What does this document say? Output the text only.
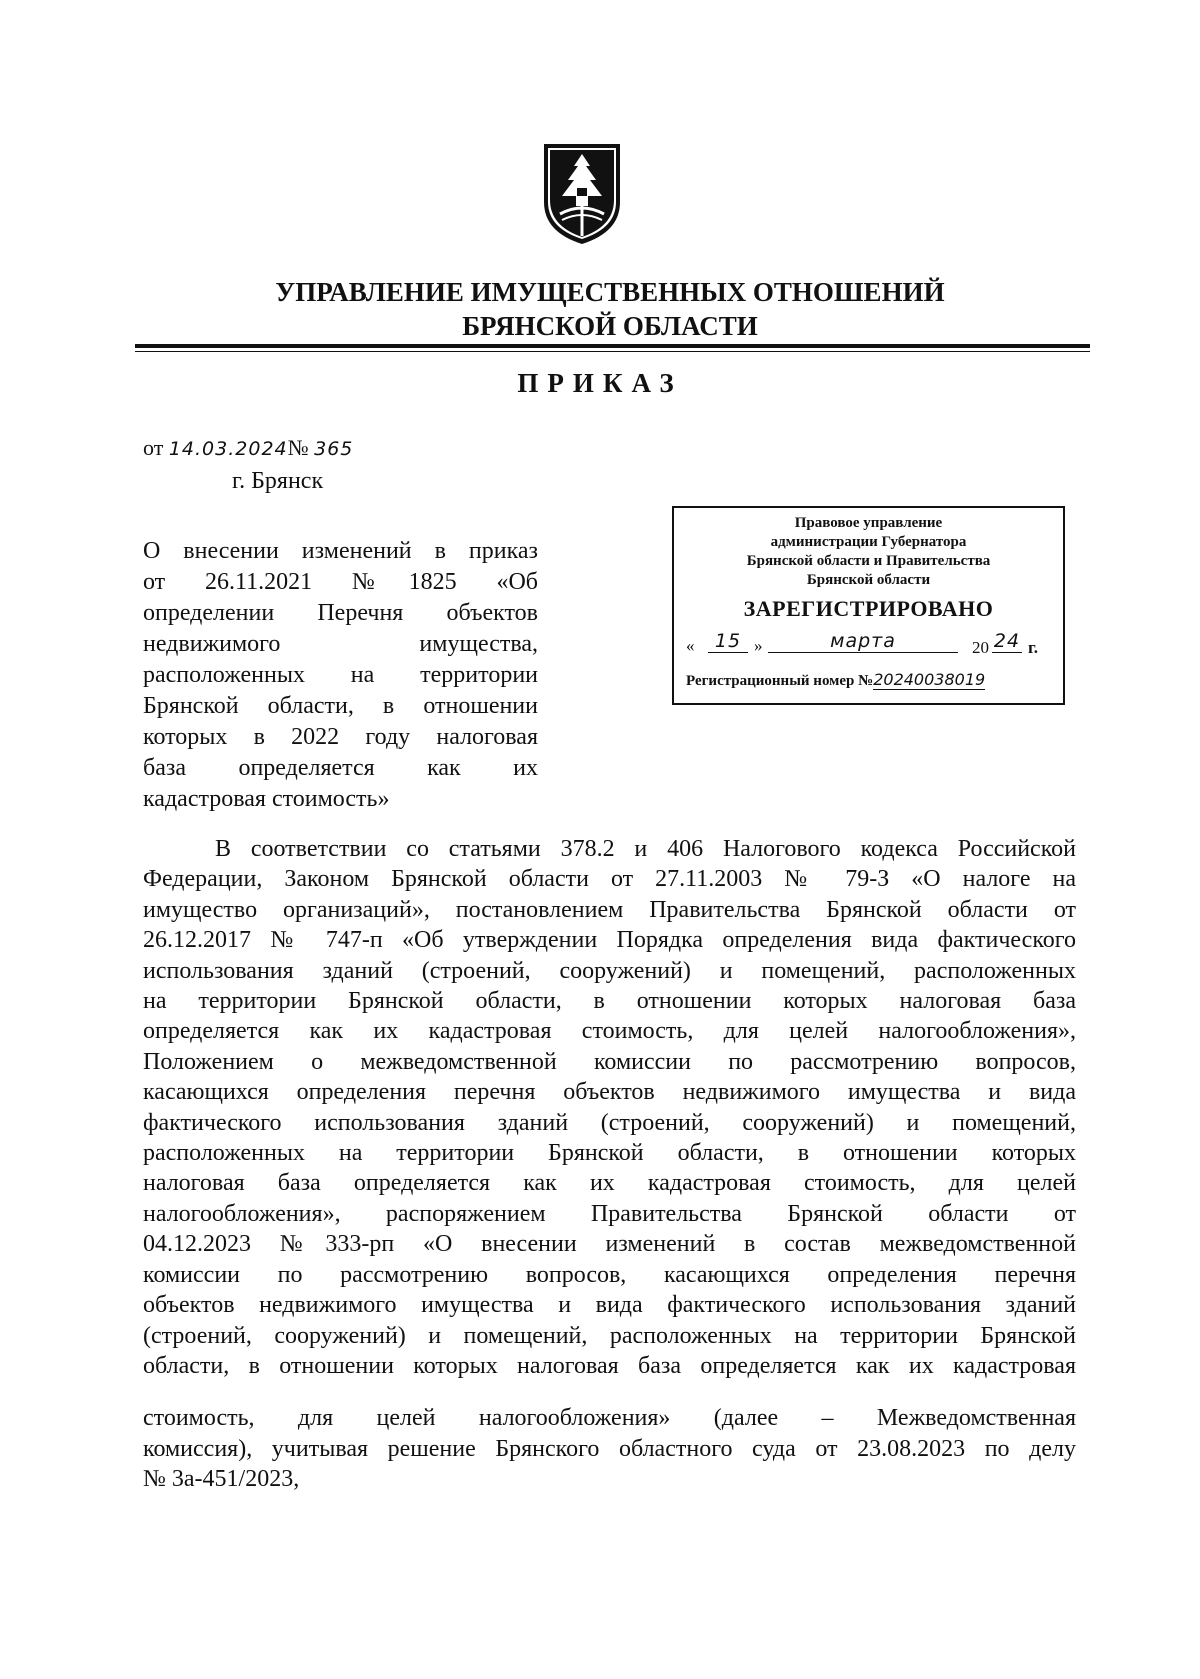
УПРАВЛЕНИЕ ИМУЩЕСТВЕННЫХ ОТНОШЕНИЙ
БРЯНСКОЙ ОБЛАСТИ
ПРИКАЗ
от 14.03.2024№ 365
г. Брянск
О внесении изменений в приказ
от 26.11.2021 №1825 «Об
определении Перечня объектов
недвижимого имущества,
расположенных на территории
Брянской области, в отношении
которых в 2022 году налоговая
база определяется как их
кадастровая стоимость»
Правовое управление
администрации Губернатора
Брянской области и Правительства
Брянской области
ЗАРЕГИСТРИРОВАНО
«	15 »	марта	20 24 г.
Регистрационный номер №20240038019
В соответствии со статьями 378.2 и 406 Налогового кодекса Российской
Федерации, Законом Брянской области от 27.11.2003 № 79-З «О налоге на
имущество организаций», постановлением Правительства Брянской области от
26.12.2017 № 747-п «Об утверждении Порядка определения вида фактического
использования зданий (строений, сооружений) и помещений, расположенных
на территории Брянской области, в отношении которых налоговая база
определяется как их кадастровая стоимость, для целей налогообложения»,
Положением о межведомственной комиссии по рассмотрению вопросов,
касающихся определения перечня объектов недвижимого имущества и вида
фактического использования зданий (строений, сооружений) и помещений,
расположенных на территории Брянской области, в отношении которых
налоговая база определяется как их кадастровая стоимость, для целей
налогообложения», распоряжением Правительства Брянской области от
04.12.2023 №333-рп «О внесении изменений в состав межведомственной
комиссии по рассмотрению вопросов, касающихся определения перечня
объектов недвижимого имущества и вида фактического использования зданий
(строений, сооружений) и помещений, расположенных на территории Брянской
области, в отношении которых налоговая база определяется как их кадастровая
стоимость, для целей налогообложения» (далее – Межведомственная
комиссия), учитывая решение Брянского областного суда от 23.08.2023 по делу
№ 3а-451/2023,
